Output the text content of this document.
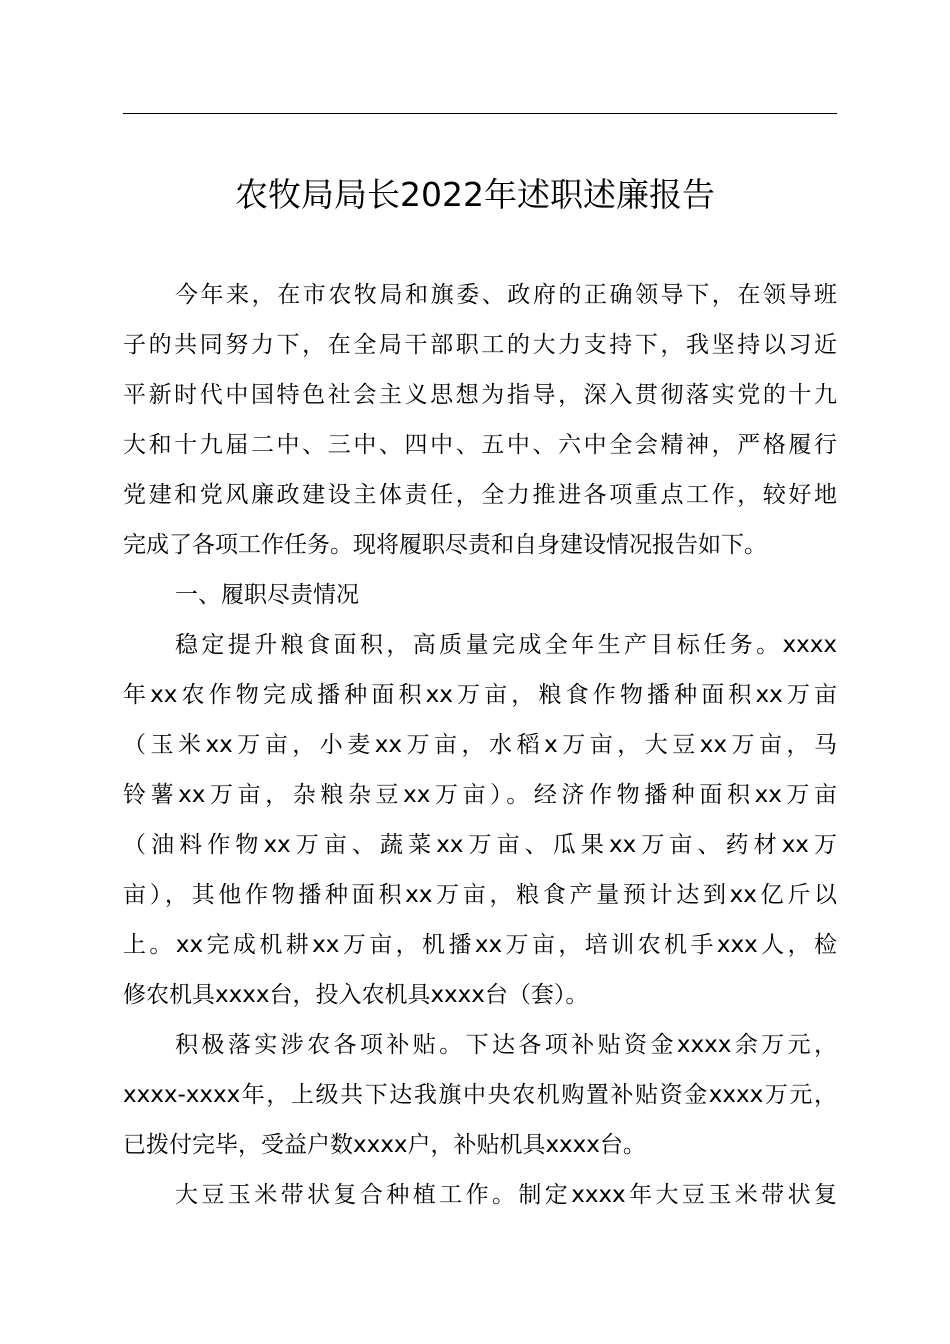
农牧局局长2022年述职述廉报告
今年来，在市农牧局和旗委、政府的正确领导下，在领导班
子的共同努力下，在全局干部职工的大力支持下，我坚持以习近
平新时代中国特色社会主义思想为指导，深入贯彻落实党的十九
大和十九届二中、三中、四中、五中、六中全会精神，严格履行
党建和党风廉政建设主体责任，全力推进各项重点工作，较好地
完成了各项工作任务。现将履职尽责和自身建设情况报告如下。
一、履职尽责情况
稳定提升粮食面积，高质量完成全年生产目标任务。xxxx
年xx农作物完成播种面积xx万亩，粮食作物播种面积xx万亩
（玉米xx万亩，小麦xx万亩，水稻x万亩，大豆xx万亩，马
铃薯xx万亩，杂粮杂豆xx万亩）。经济作物播种面积xx万亩
（油料作物xx万亩、蔬菜xx万亩、瓜果xx万亩、药材xx万
亩），其他作物播种面积xx万亩，粮食产量预计达到xx亿斤以
上。xx完成机耕xx万亩，机播xx万亩，培训农机手xxx人，检
修农机具xxxx台，投入农机具xxxx台（套）。
积极落实涉农各项补贴。下达各项补贴资金xxxx余万元，
xxxx-xxxx年，上级共下达我旗中央农机购置补贴资金xxxx万元，
已拨付完毕，受益户数xxxx户，补贴机具xxxx台。
大豆玉米带状复合种植工作。制定xxxx年大豆玉米带状复
